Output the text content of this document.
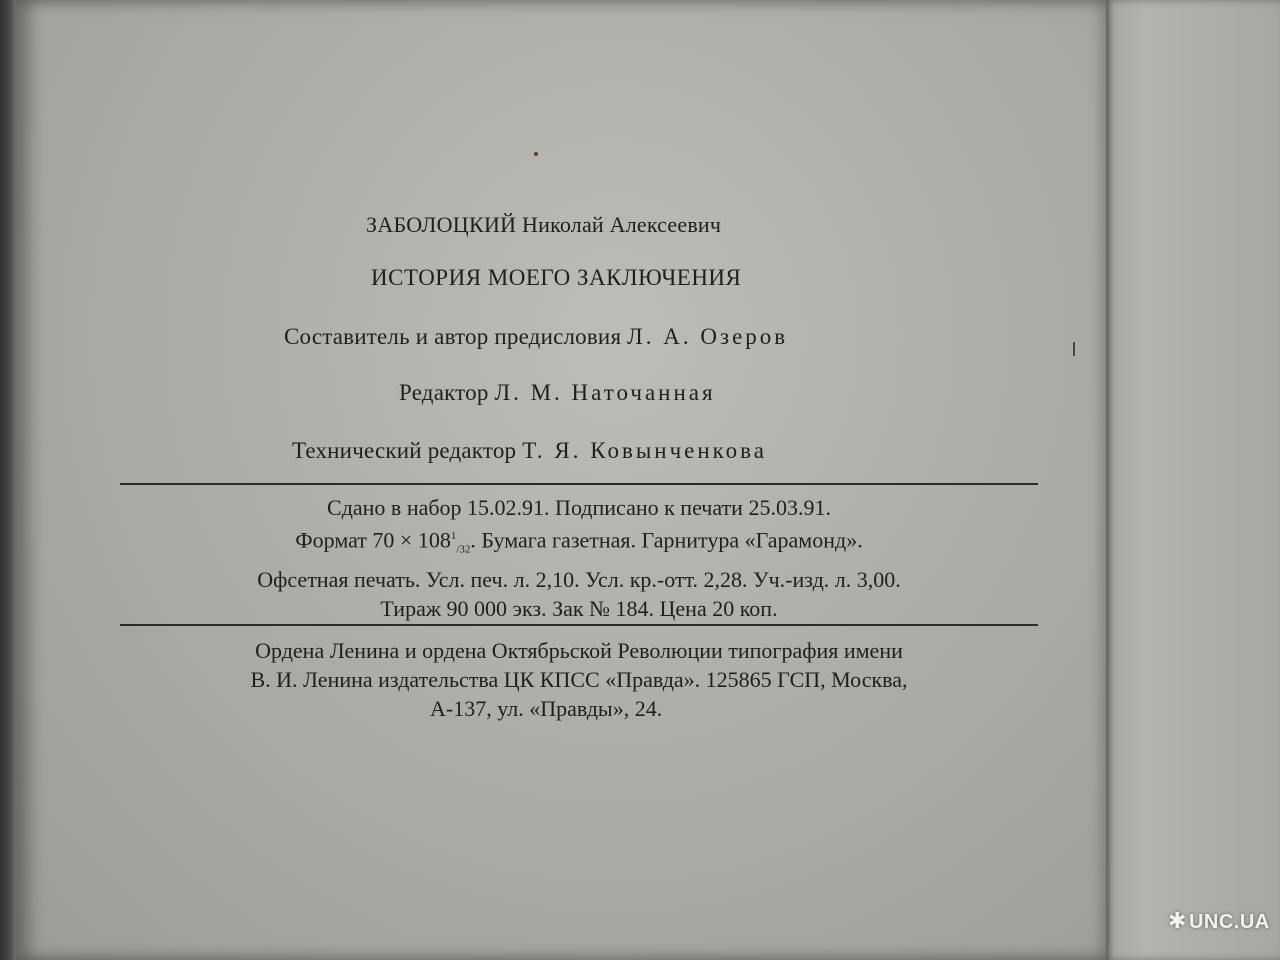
ЗАБОЛОЦКИЙ Николай Алексеевич
ИСТОРИЯ МОЕГО ЗАКЛЮЧЕНИЯ
Составитель и автор предисловия Л. А. Озеров
Редактор Л. М. Наточанная
Технический редактор Т. Я. Ковынченкова
Сдано в набор 15.02.91. Подписано к печати 25.03.91.
Формат $70 \times 108^1_{/32}$. Бумага газетная. Гарнитура «Гарамонд».
Офсетная печать. Усл. печ. л. 2,10. Усл. кр.-отт. 2,28. Уч.-изд. л. 3,00.
Тираж 90 000 экз. Зак № 184. Цена 20 коп.
Ордена Ленина и ордена Октябрьской Революции типография имени
В. И. Ленина издательства ЦК КПСС «Правда». 125865 ГСП, Москва,
А-137, ул. «Правды», 24.
✱ UNC.UA
